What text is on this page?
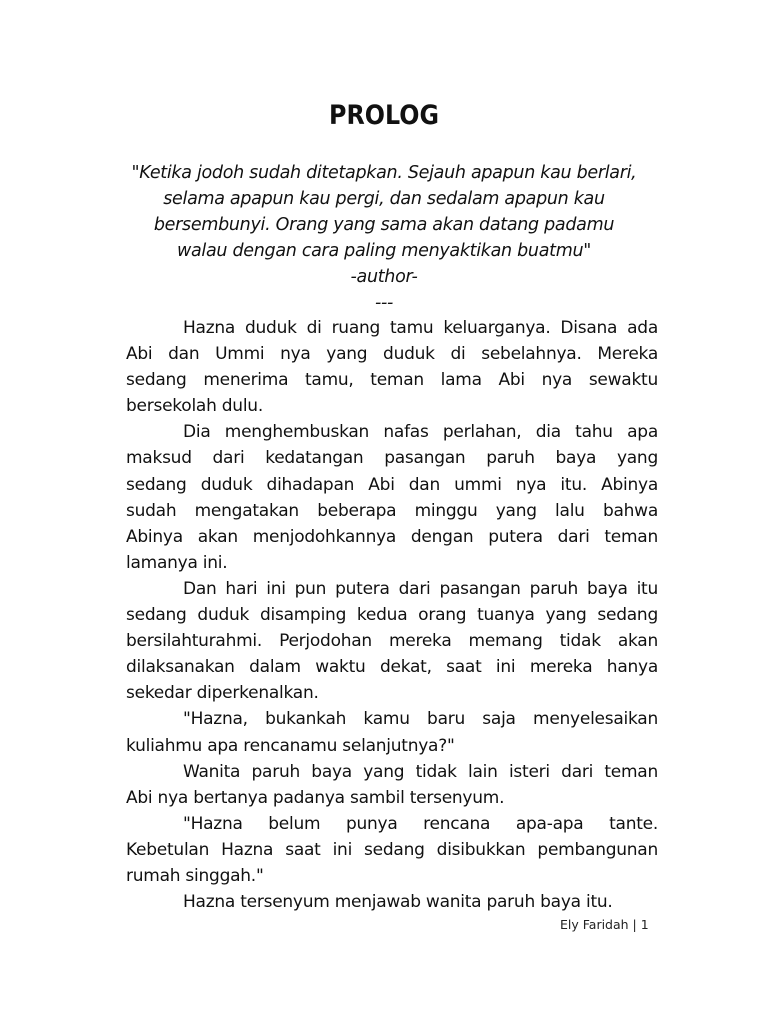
PROLOG
"Ketika jodoh sudah ditetapkan. Sejauh apapun kau berlari,
selama apapun kau pergi, dan sedalam apapun kau
bersembunyi. Orang yang sama akan datang padamu
walau dengan cara paling menyaktikan buatmu"
-author-
---
Hazna duduk di ruang tamu keluarganya. Disana ada
Abi dan Ummi nya yang duduk di sebelahnya. Mereka
sedang menerima tamu, teman lama Abi nya sewaktu
bersekolah dulu.
Dia menghembuskan nafas perlahan, dia tahu apa
maksud dari kedatangan pasangan paruh baya yang
sedang duduk dihadapan Abi dan ummi nya itu. Abinya
sudah mengatakan beberapa minggu yang lalu bahwa
Abinya akan menjodohkannya dengan putera dari teman
lamanya ini.
Dan hari ini pun putera dari pasangan paruh baya itu
sedang duduk disamping kedua orang tuanya yang sedang
bersilahturahmi. Perjodohan mereka memang tidak akan
dilaksanakan dalam waktu dekat, saat ini mereka hanya
sekedar diperkenalkan.
"Hazna, bukankah kamu baru saja menyelesaikan
kuliahmu apa rencanamu selanjutnya?"
Wanita paruh baya yang tidak lain isteri dari teman
Abi nya bertanya padanya sambil tersenyum.
"Hazna belum punya rencana apa-apa tante.
Kebetulan Hazna saat ini sedang disibukkan pembangunan
rumah singgah."
Hazna tersenyum menjawab wanita paruh baya itu.
Ely Faridah | 1
